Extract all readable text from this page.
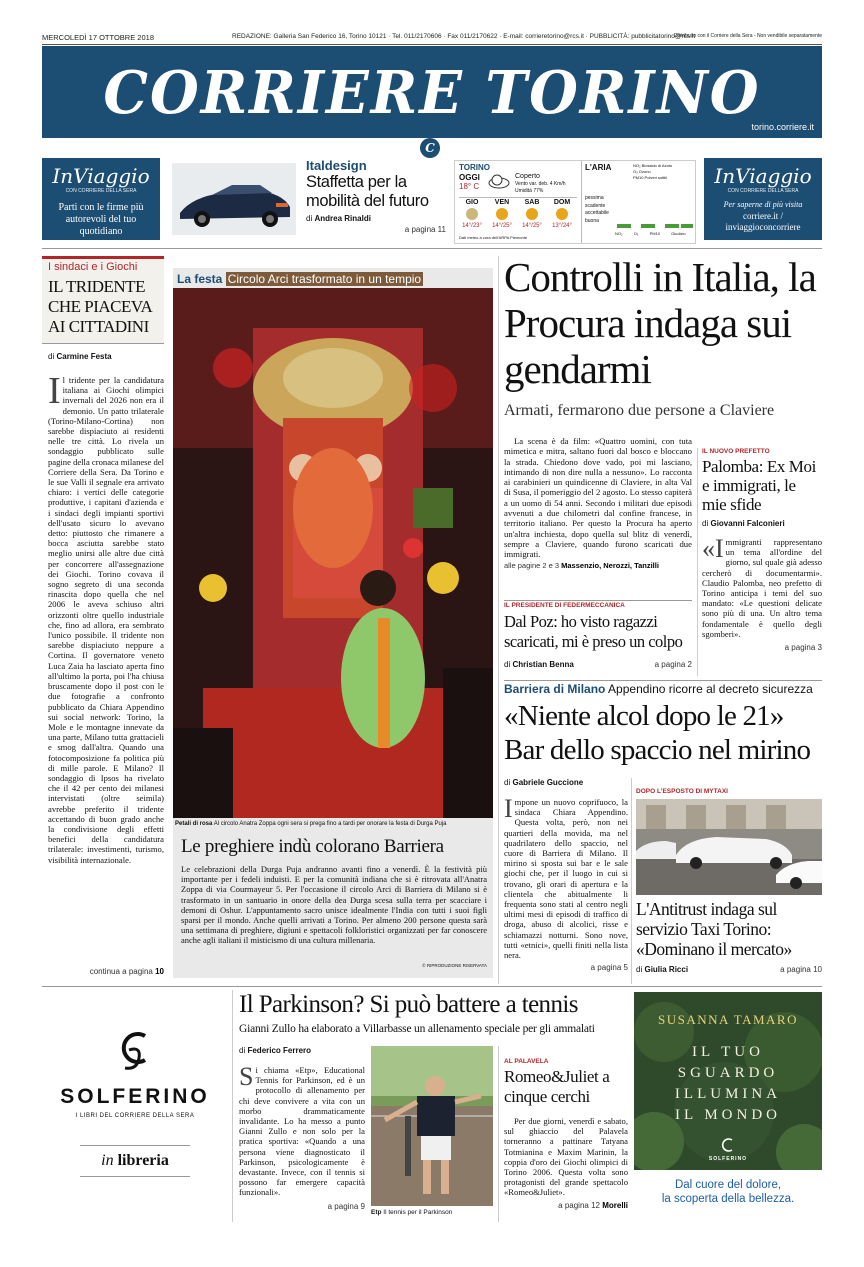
MERCOLEDÌ 17 OTTOBRE 2018	REDAZIONE: Galleria San Federico 16, Torino 10121 · Tel. 011/2170606 · Fax 011/2170622 · E-mail: corrieretorino@rcs.it · PUBBLICITÀ: pubblicitatorino@rcs.it
Distribuito con il Corriere della Sera - Non vendibile separatamente
CORRIERE TORINO
torino.corriere.it
C
InViaggio
CON CORRIERE DELLA SERA
Parti con le firme più autorevoli del tuo quotidiano
Italdesign
Staffetta per la mobilità del futuro
di Andrea Rinaldi
a pagina 11
TORINO
OGGI
18° C
Coperto
Vento var. deb. 4 Km/h
Umidità 77%
GIO
14°/23°
VEN
14°/25°
SAB
14°/25°
DOM
13°/24°
Dati meteo a cura dell'ARPA Piemonte
L'ARIA	NO₂ Biossido di Azoto
O₃ Ozono
PM10 Polveri sottili
pessima
scadente
accettabile
buona
NO₂	O₃	PM10	Giudizio
InViaggio
CON CORRIERE DELLA SERA
Per saperne di più visita
corriere.it / inviaggioconcorriere
I sindaci e i Giochi
IL TRIDENTE CHE PIACEVA AI CITTADINI
di Carmine Festa
Il tridente per la candidatura italiana ai Giochi olimpici invernali del 2026 non era il demonio. Un patto trilaterale (Torino-Milano-Cortina) non sarebbe dispiaciuto ai residenti nelle tre città. Lo rivela un sondaggio pubblicato sulle pagine della cronaca milanese del Corriere della Sera. Da Torino e le sue Valli il segnale era arrivato chiaro: i vertici delle categorie produttive, i capitani d'azienda e i sindaci degli impianti sportivi dell'usato sicuro lo avevano detto: piuttosto che rimanere a bocca asciutta sarebbe stato meglio unirsi alle altre due città per concorrere all'assegnazione dei Giochi. Torino covava il sogno segreto di una seconda rinascita dopo quella che nel 2006 le aveva schiuso altri orizzonti oltre quello industriale che, fino ad allora, era sembrato l'unico possibile. Il tridente non sarebbe dispiaciuto neppure a Cortina. Il governatore veneto Luca Zaia ha lasciato aperta fino all'ultimo la porta, poi l'ha chiusa bruscamente dopo il post con le due fotografie a confronto pubblicato da Chiara Appendino sui social network: Torino, la Mole e le montagne innevate da una parte, Milano tutta grattacieli e smog dall'altra. Quando una fotocomposizione fa politica più di mille parole. E Milano? Il sondaggio di Ipsos ha rivelato che il 42 per cento dei milanesi intervistati (oltre seimila) avrebbe preferito il tridente accettando di buon grado anche la condivisione degli effetti benefici della candidatura trilaterale: investimenti, turismo, visibilità internazionale.
continua a pagina 10
La festa Circolo Arci trasformato in un tempio
Petali di rosa Al circolo Anatra Zoppa ogni sera si prega fino a tardi per onorare la festa di Durga Puja
Le preghiere indù colorano Barriera
Le celebrazioni della Durga Puja andranno avanti fino a venerdì. È la festività più importante per i fedeli induisti. E per la comunità indiana che si è ritrovata all'Anatra Zoppa di via Courmayeur 5. Per l'occasione il circolo Arci di Barriera di Milano si è trasformato in un santuario in onore della dea Durga scesa sulla terra per scacciare i demoni di Oshur. L'appuntamento sacro unisce idealmente l'India con tutti i suoi figli sparsi per il mondo. Anche quelli arrivati a Torino. Per almeno 200 persone questa sarà una settimana di preghiere, digiuni e spettacoli folkloristici organizzati per far conoscere anche agli italiani il misticismo di una cultura millenaria.
© RIPRODUZIONE RISERVATA
Controlli in Italia, la Procura indaga sui gendarmi
Armati, fermarono due persone a Claviere
La scena è da film: «Quattro uomini, con tuta mimetica e mitra, saltano fuori dal bosco e bloccano la strada. Chiedono dove vado, poi mi lasciano, intimando di non dire nulla a nessuno». Lo racconta ai carabinieri un quindicenne di Claviere, in alta Val di Susa, il pomeriggio del 2 agosto. Lo stesso capiterà a un uomo di 54 anni. Secondo i militari due episodi avvenuti a due chilometri dal confine francese, in territorio italiano. Per questo la Procura ha aperto un'altra inchiesta, dopo quella sul blitz di venerdì, sempre a Claviere, quando furono scaricati due immigrati.
alle pagine 2 e 3 Massenzio, Nerozzi, Tanzilli
IL NUOVO PREFETTO
Palomba: Ex Moi e immigrati, le mie sfide
di Giovanni Falconieri
«Immigranti rappresentano un tema all'ordine del giorno, sul quale già adesso cercherò di documentarmi». Claudio Palomba, neo prefetto di Torino anticipa i temi del suo mandato: «Le questioni delicate sono più di una. Un altro tema fondamentale è quello degli sgomberi».
a pagina 3
IL PRESIDENTE DI FEDERMECCANICA
Dal Poz: ho visto ragazzi scaricati, mi è preso un colpo
di Christian Benna	a pagina 2
Barriera di Milano Appendino ricorre al decreto sicurezza
«Niente alcol dopo le 21» Bar dello spaccio nel mirino
di Gabriele Guccione
Impone un nuovo coprifuoco, la sindaca Chiara Appendino. Questa volta, però, non nei quartieri della movida, ma nel quadrilatero dello spaccio, nel cuore di Barriera di Milano. Il mirino si sposta sui bar e le sale giochi che, per il luogo in cui si trovano, gli orari di apertura e la clientela che abitualmente li frequenta sono stati al centro negli ultimi mesi di episodi di traffico di droga, abuso di alcolici, risse e schiamazzi notturni. Sono nove, tutti «etnici», quelli finiti nella lista nera.
a pagina 5
DOPO L'ESPOSTO DI MYTAXI
L'Antitrust indaga sul servizio Taxi Torino: «Dominano il mercato»
di Giulia Ricci	a pagina 10
SOLFERINO
I LIBRI DEL CORRIERE DELLA SERA
in libreria
Il Parkinson? Si può battere a tennis
Gianni Zullo ha elaborato a Villarbasse un allenamento speciale per gli ammalati
di Federico Ferrero
Si chiama «Etp», Educational Tennis for Parkinson, ed è un protocollo di allenamento per chi deve convivere a vita con un morbo drammaticamente invalidante. Lo ha messo a punto Gianni Zullo e non solo per la pratica sportiva: «Quando a una persona viene diagnosticato il Parkinson, psicologicamente è devastante. Invece, con il tennis si possono far emergere capacità funzionali».
a pagina 9
Etp Il tennis per il Parkinson
AL PALAVELA
Romeo&Juliet a cinque cerchi
Per due giorni, venerdì e sabato, sul ghiaccio del Palavela torneranno a pattinare Tatyana Totmianina e Maxim Marinin, la coppia d'oro dei Giochi olimpici di Torino 2006. Questa volta sono protagonisti del grande spettacolo «Romeo&Juliet».
a pagina 12 Morelli
SUSANNA TAMARO
IL TUO
SGUARDO
ILLUMINA
IL MONDO
SOLFERINO
Dal cuore del dolore,
la scoperta della bellezza.
